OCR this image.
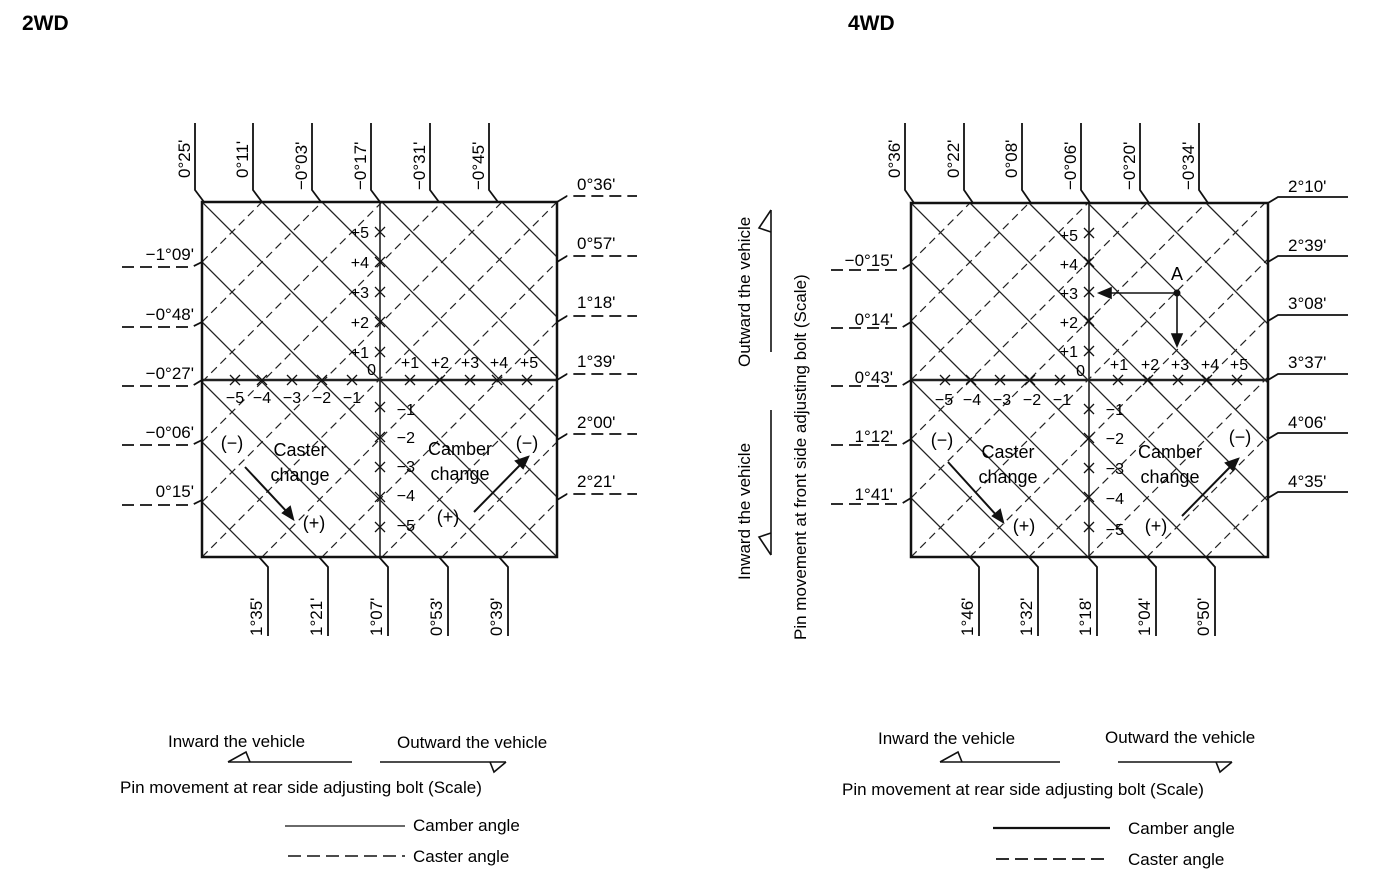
2WD
0°25' 0°11' −0°03' −0°17' −0°31' −0°45'
1°35' 1°21' 1°07' 0°53' 0°39'
−1°09'
−0°48'
−0°27'
−0°06'
0°15'
0°36'
0°57'
1°18'
1°39'
2°00'
2°21'
+5
+4
+3
+2
+1
0
−1
−2
−3
−4
−5
−5 −4 −3 −2 −1
+1 +2 +3 +4 +5
Caster
change
Camber
change
(−)
(+)	(+)
(−)
Inward the vehicle	Outward the vehicle
Pin movement at rear side adjusting bolt (Scale)
Camber angle
Caster angle
4WD
A
0°36' 0°22' 0°08' −0°06' −0°20' −0°34'
1°46' 1°32' 1°18' 1°04' 0°50'
−0°15'
0°14'
0°43'
1°12'
1°41'
2°10'
2°39'
3°08'
3°37'
4°06'
4°35'
+5
+4
+3
+2
+1
0
−1
−2
−3
−4
−5
−5 −4 −3 −2 −1
+1 +2 +3 +4 +5
Caster
change
Camber
change
(−)
(+)	(+)
(−)
Outward the vehicle
Inward the vehicle Pin movement at front side adjusting bolt (Scale)
Inward the vehicle	Outward the vehicle
Pin movement at rear side adjusting bolt (Scale)
Camber angle
Caster angle
